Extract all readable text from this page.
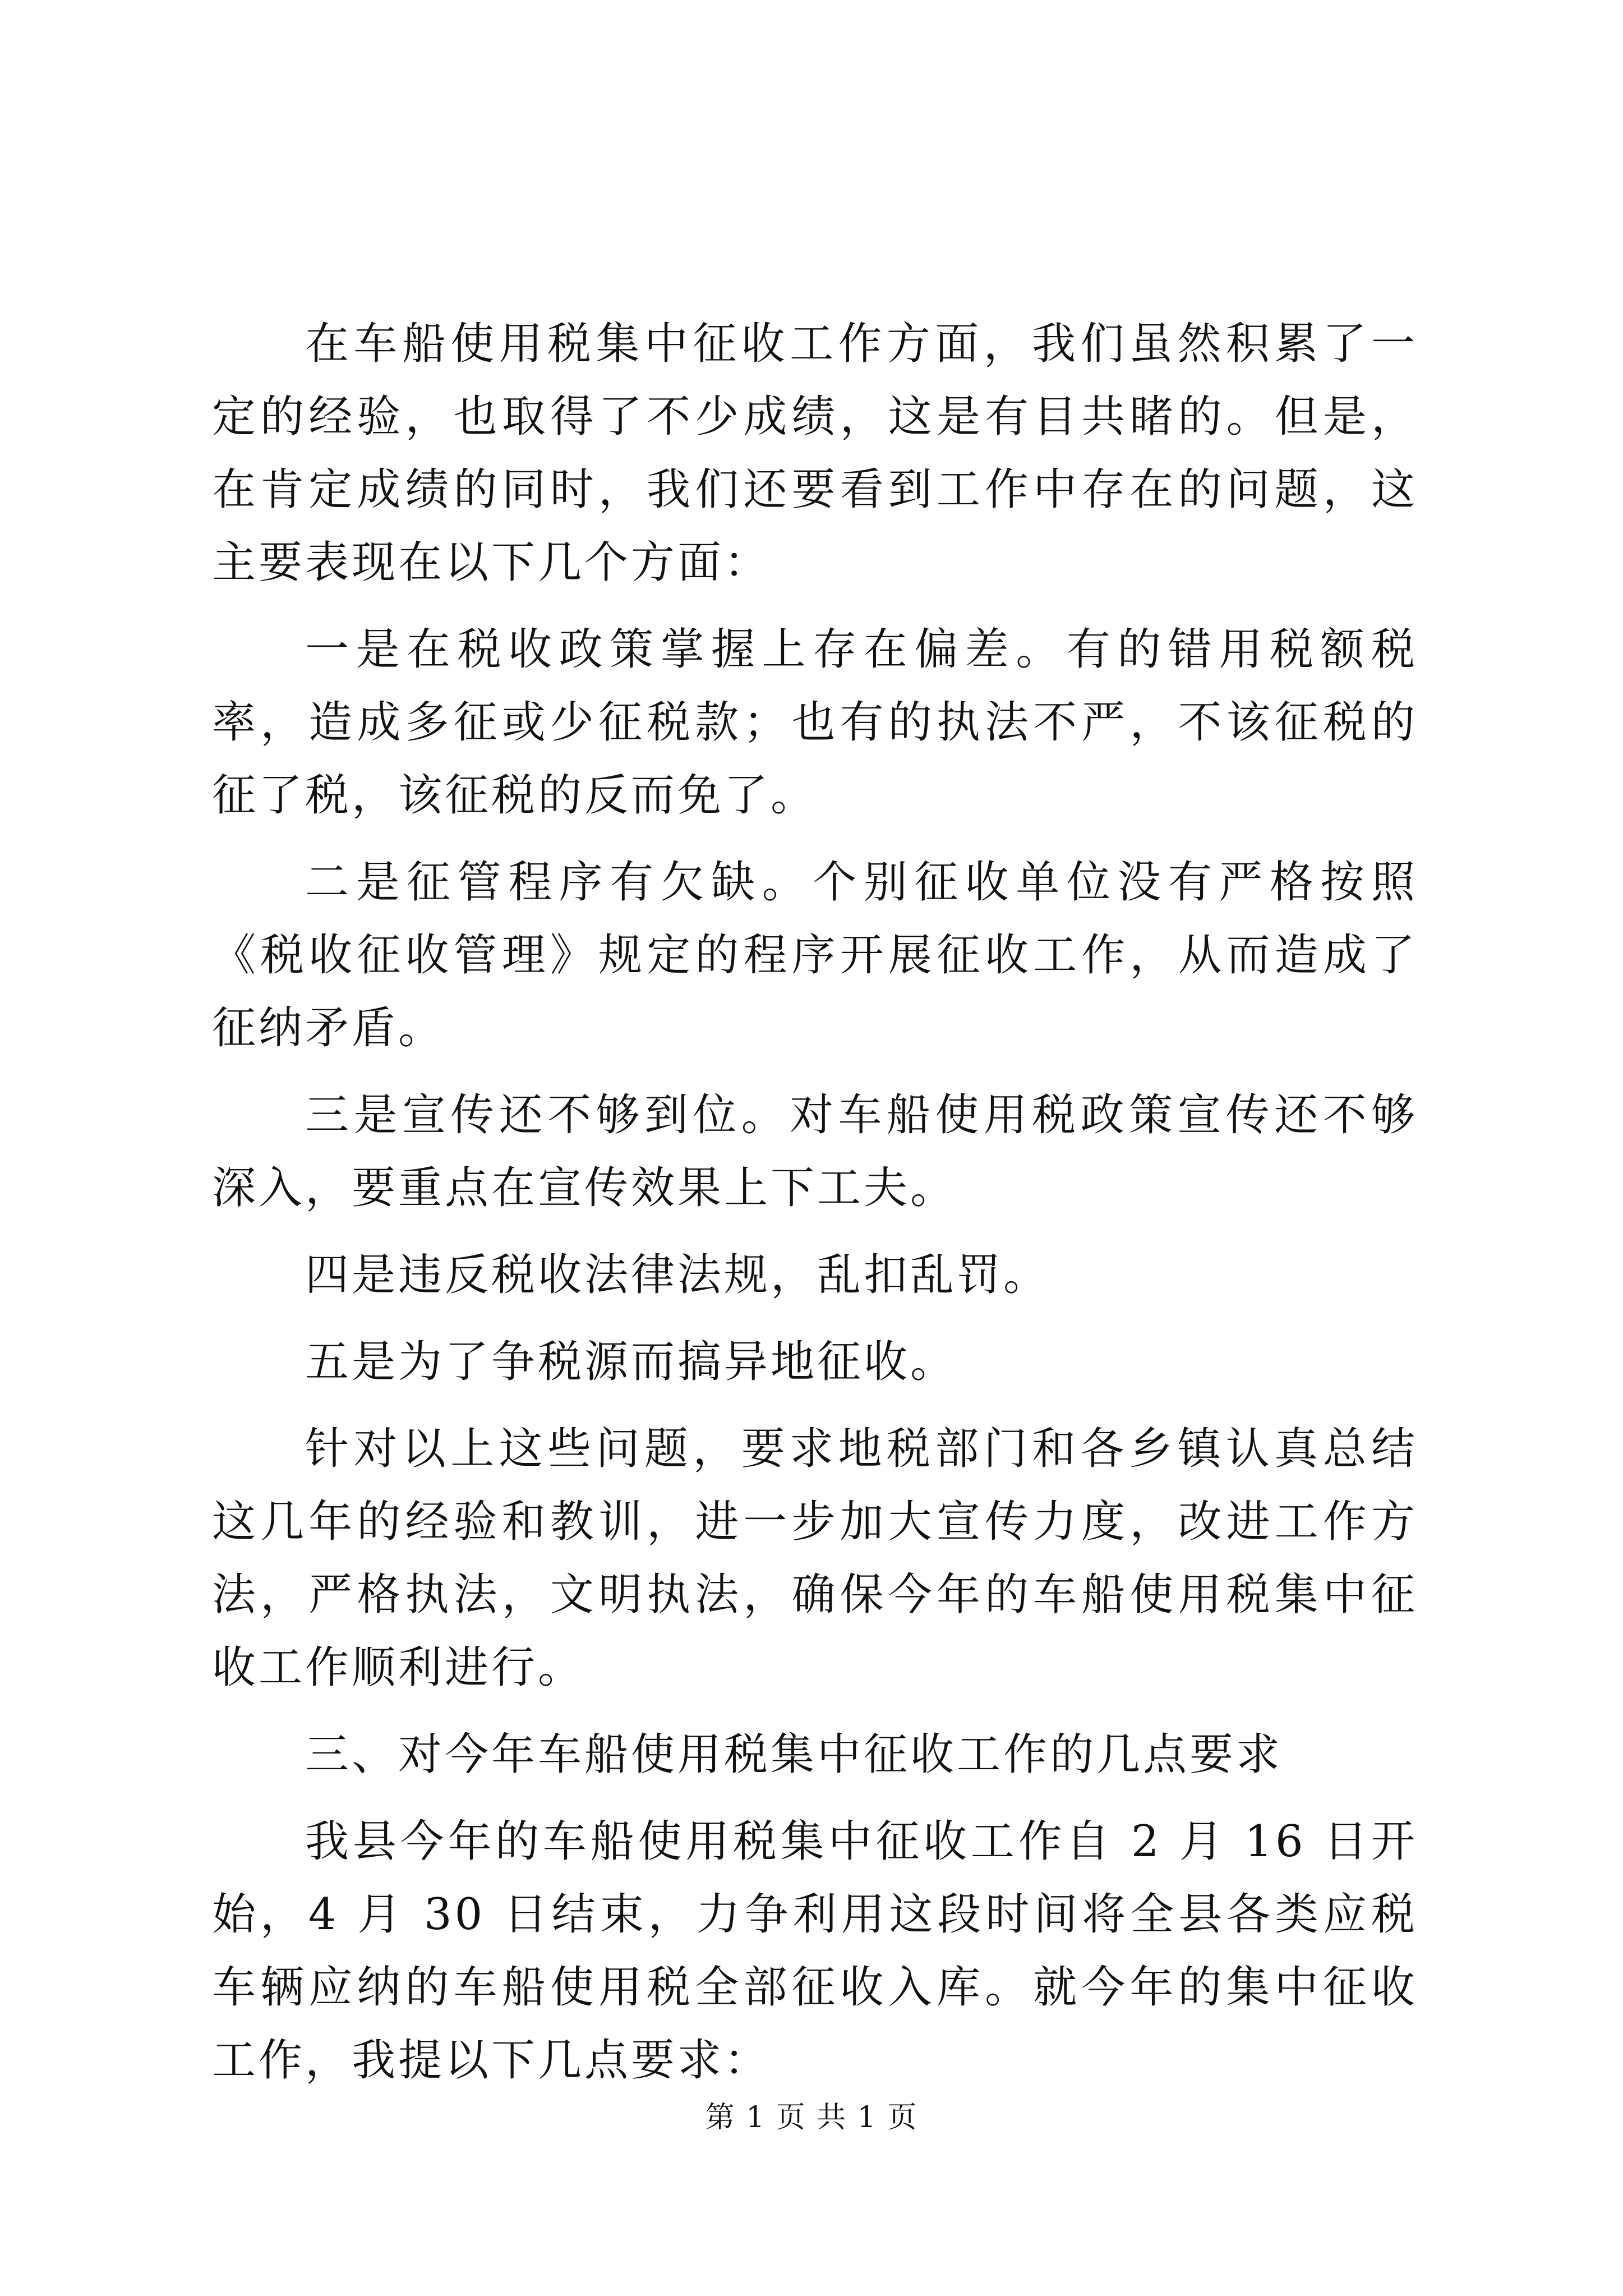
在车船使用税集中征收工作方面，我们虽然积累了一定的经验，也取得了不少成绩，这是有目共睹的。但是，在肯定成绩的同时，我们还要看到工作中存在的问题，这主要表现在以下几个方面：

一是在税收政策掌握上存在偏差。有的错用税额税率，造成多征或少征税款；也有的执法不严，不该征税的征了税，该征税的反而免了。

二是征管程序有欠缺。个别征收单位没有严格按照《税收征收管理》规定的程序开展征收工作，从而造成了征纳矛盾。

三是宣传还不够到位。对车船使用税政策宣传还不够深入，要重点在宣传效果上下工夫。

四是违反税收法律法规，乱扣乱罚。

五是为了争税源而搞异地征收。

针对以上这些问题，要求地税部门和各乡镇认真总结这几年的经验和教训，进一步加大宣传力度，改进工作方法，严格执法，文明执法，确保今年的车船使用税集中征收工作顺利进行。

三、对今年车船使用税集中征收工作的几点要求

我县今年的车船使用税集中征收工作自 2 月 16 日开始，4 月 30 日结束，力争利用这段时间将全县各类应税车辆应纳的车船使用税全部征收入库。就今年的集中征收工作，我提以下几点要求：

第 1 页 共 1 页
